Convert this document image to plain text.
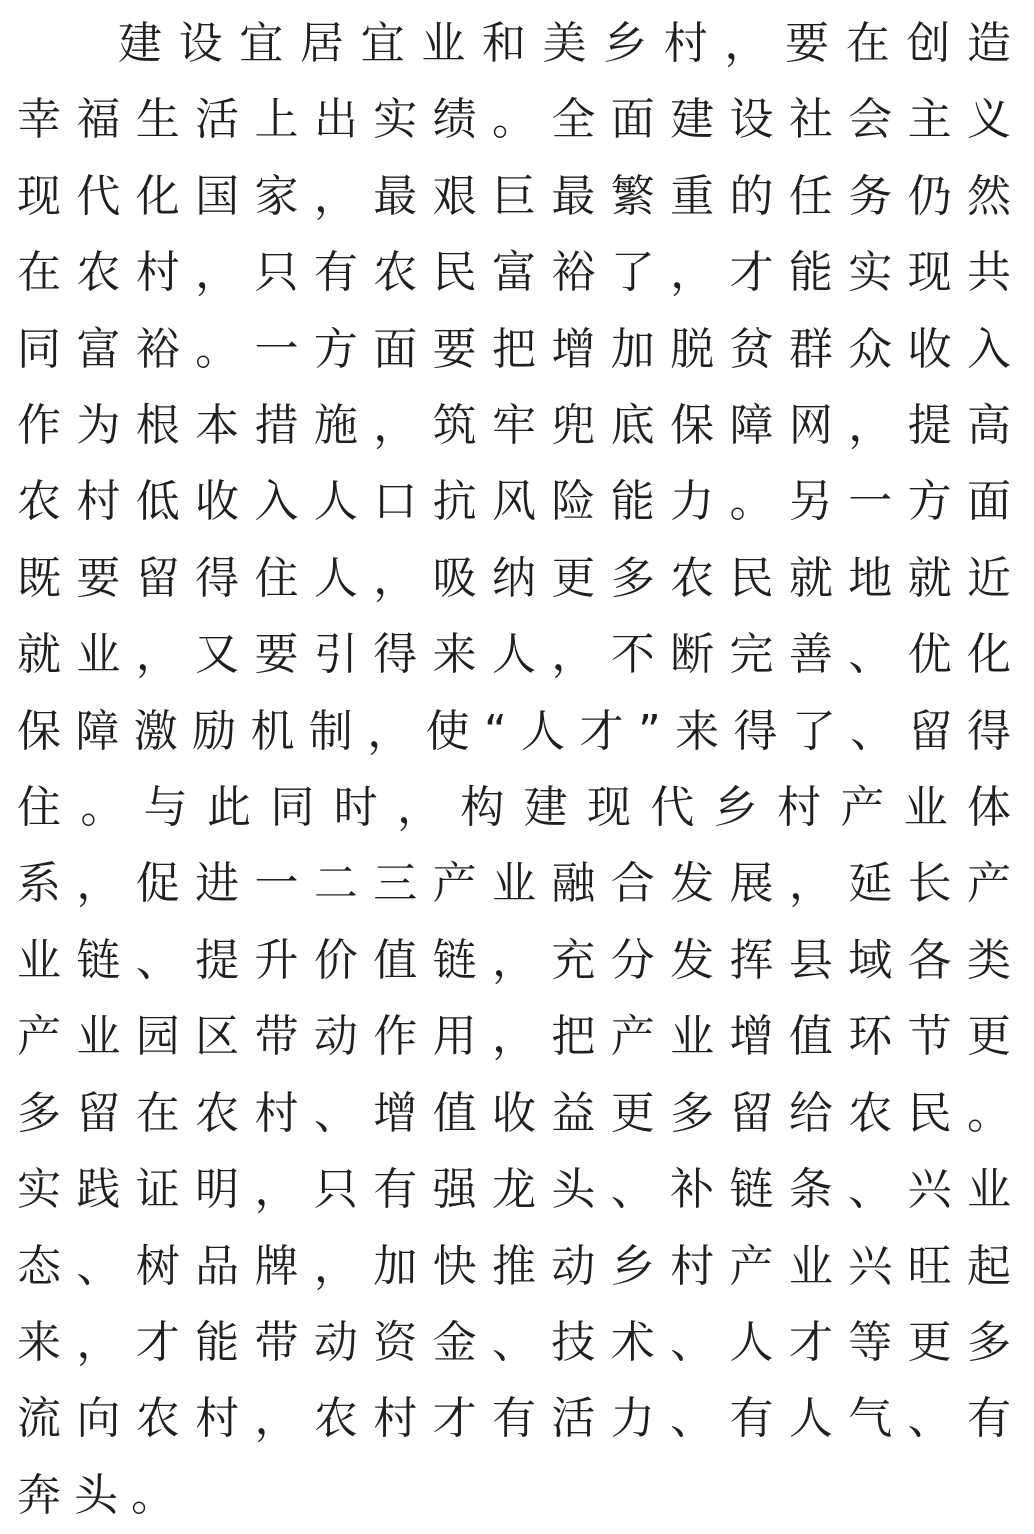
建设宜居宜业和美乡村，要在创造幸福生活上出实绩。全面建设社会主义现代化国家，最艰巨最繁重的任务仍然在农村，只有农民富裕了，才能实现共同富裕。一方面要把增加脱贫群众收入作为根本措施，筑牢兜底保障网，提高农村低收入人口抗风险能力。另一方面既要留得住人，吸纳更多农民就地就近就业，又要引得来人，不断完善、优化保障激励机制，使“人才”来得了、留得住。与此同时，构建现代乡村产业体系，促进一二三产业融合发展，延长产业链、提升价值链，充分发挥县域各类产业园区带动作用，把产业增值环节更多留在农村、增值收益更多留给农民。实践证明，只有强龙头、补链条、兴业态、树品牌，加快推动乡村产业兴旺起来，才能带动资金、技术、人才等更多流向农村，农村才有活力、有人气、有奔头。
